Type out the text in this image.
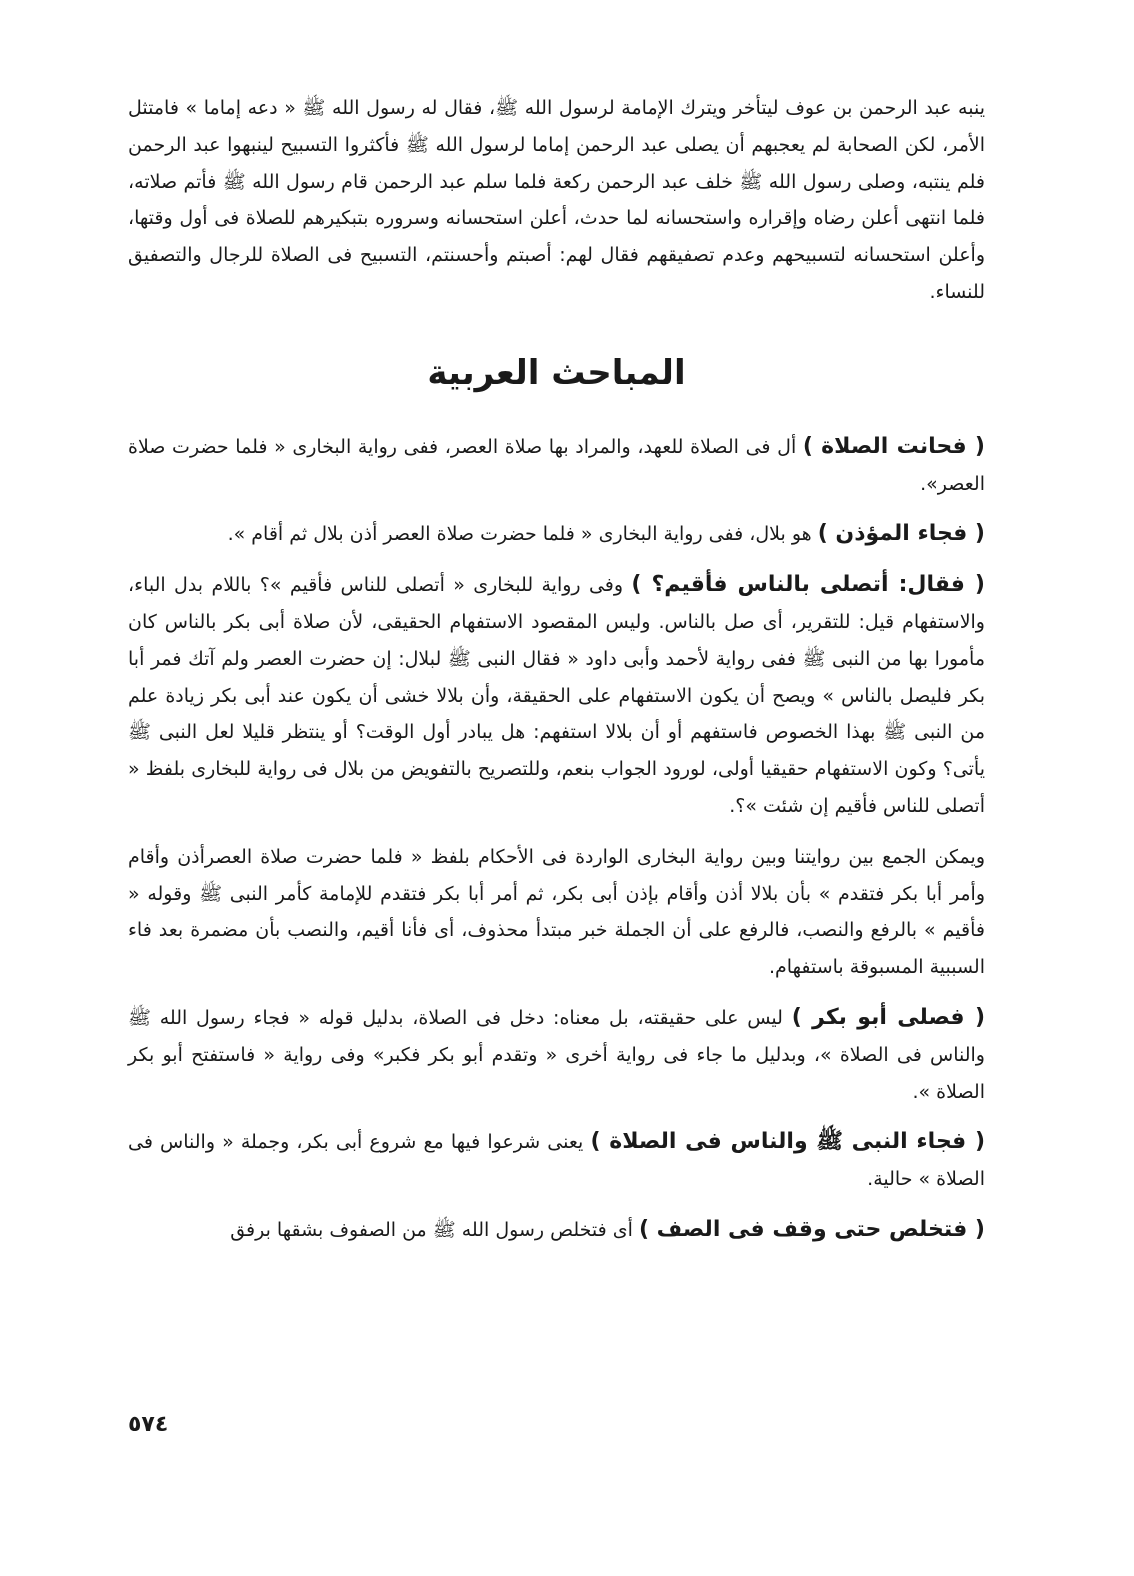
ينبه عبد الرحمن بن عوف ليتأخر ويترك الإمامة لرسول الله ﷺ، فقال له رسول الله ﷺ « دعه إماما » فامتثل الأمر، لكن الصحابة لم يعجبهم أن يصلى عبد الرحمن إماما لرسول الله ﷺ فأكثروا التسبيح لينبهوا عبد الرحمن فلم ينتبه، وصلى رسول الله ﷺ خلف عبد الرحمن ركعة فلما سلم عبد الرحمن قام رسول الله ﷺ فأتم صلاته، فلما انتهى أعلن رضاه وإقراره واستحسانه لما حدث، أعلن استحسانه وسروره بتبكيرهم للصلاة فى أول وقتها، وأعلن استحسانه لتسبيحهم وعدم تصفيقهم فقال لهم: أصبتم وأحسنتم، التسبيح فى الصلاة للرجال والتصفيق للنساء.

المباحث العربية

( فحانت الصلاة ) أل فى الصلاة للعهد، والمراد بها صلاة العصر، ففى رواية البخارى « فلما حضرت صلاة العصر».

( فجاء المؤذن ) هو بلال، ففى رواية البخارى « فلما حضرت صلاة العصر أذن بلال ثم أقام ».

( فقال: أتصلى بالناس فأقيم؟ ) وفى رواية للبخارى « أتصلى للناس فأقيم »؟ باللام بدل الباء، والاستفهام قيل: للتقرير، أى صل بالناس. وليس المقصود الاستفهام الحقيقى، لأن صلاة أبى بكر بالناس كان مأمورا بها من النبى ﷺ ففى رواية لأحمد وأبى داود « فقال النبى ﷺ لبلال: إن حضرت العصر ولم آتك فمر أبا بكر فليصل بالناس » ويصح أن يكون الاستفهام على الحقيقة، وأن بلالا خشى أن يكون عند أبى بكر زيادة علم من النبى ﷺ بهذا الخصوص فاستفهم أو أن بلالا استفهم: هل يبادر أول الوقت؟ أو ينتظر قليلا لعل النبى ﷺ يأتى؟ وكون الاستفهام حقيقيا أولى، لورود الجواب بنعم، وللتصريح بالتفويض من بلال فى رواية للبخارى بلفظ « أتصلى للناس فأقيم إن شئت »؟.

ويمكن الجمع بين روايتنا وبين رواية البخارى الواردة فى الأحكام بلفظ « فلما حضرت صلاة العصرأذن وأقام وأمر أبا بكر فتقدم » بأن بلالا أذن وأقام بإذن أبى بكر، ثم أمر أبا بكر فتقدم للإمامة كأمر النبى ﷺ وقوله « فأقيم » بالرفع والنصب، فالرفع على أن الجملة خبر مبتدأ محذوف، أى فأنا أقيم، والنصب بأن مضمرة بعد فاء السببية المسبوقة باستفهام.

( فصلى أبو بكر ) ليس على حقيقته، بل معناه: دخل فى الصلاة، بدليل قوله « فجاء رسول الله ﷺ والناس فى الصلاة »، وبدليل ما جاء فى رواية أخرى « وتقدم أبو بكر فكبر» وفى رواية « فاستفتح أبو بكر الصلاة ».

( فجاء النبى ﷺ والناس فى الصلاة ) يعنى شرعوا فيها مع شروع أبى بكر، وجملة « والناس فى الصلاة » حالية.

( فتخلص حتى وقف فى الصف ) أى فتخلص رسول الله ﷺ من الصفوف بشقها برفق

٥٧٤
